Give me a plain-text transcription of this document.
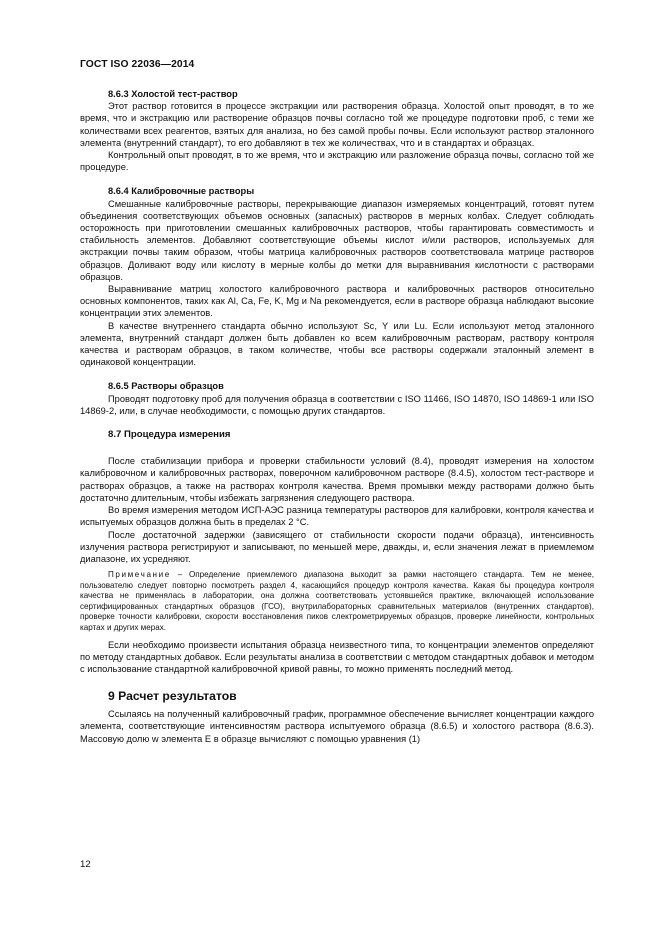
ГОСТ ISO 22036—2014
8.6.3 Холостой тест-раствор

Этот раствор готовится в процессе экстракции или растворения образца. Холостой опыт проводят, в то же время, что и экстракцию или растворение образцов почвы согласно той же процедуре подготовки проб, с теми же количествами всех реагентов, взятых для анализа, но без самой пробы почвы. Если используют раствор эталонного элемента (внутренний стандарт), то его добавляют в тех же количествах, что и в стандартах и образцах.

Контрольный опыт проводят, в то же время, что и экстракцию или разложение образца почвы, согласно той же процедуре.

8.6.4 Калибровочные растворы

Смешанные калибровочные растворы, перекрывающие диапазон измеряемых концентраций, готовят путем объединения соответствующих объемов основных (запасных) растворов в мерных колбах. Следует соблюдать осторожность при приготовлении смешанных калибровочных растворов, чтобы гарантировать совместимость и стабильность элементов. Добавляют соответствующие объемы кислот и/или растворов, используемых для экстракции почвы таким образом, чтобы матрица калибровочных растворов соответствовала матрице растворов образцов. Доливают воду или кислоту в мерные колбы до метки для выравнивания кислотности с растворами образцов.

Выравнивание матриц холостого калибровочного раствора и калибровочных растворов относительно основных компонентов, таких как Al, Ca, Fe, K, Mg и Na рекомендуется, если в растворе образца наблюдают высокие концентрации этих элементов.

В качестве внутреннего стандарта обычно используют Sc, Y или Lu. Если используют метод эталонного элемента, внутренний стандарт должен быть добавлен ко всем калибровочным растворам, раствору контроля качества и растворам образцов, в таком количестве, чтобы все растворы содержали эталонный элемент в одинаковой концентрации.

8.6.5 Растворы образцов

Проводят подготовку проб для получения образца в соответствии с ISO 11466, ISO 14870, ISO 14869-1 или ISO 14869-2, или, в случае необходимости, с помощью других стандартов.

8.7 Процедура измерения

После стабилизации прибора и проверки стабильности условий (8.4), проводят измерения на холостом калибровочном и калибровочных растворах, поверочном калибровочном растворе (8.4.5), холостом тест-растворе и растворах образцов, а также на растворах контроля качества. Время промывки между растворами должно быть достаточно длительным, чтобы избежать загрязнения следующего раствора.

Во время измерения методом ИСП-АЭС разница температуры растворов для калибровки, контроля качества и испытуемых образцов должна быть в пределах 2 °С.

После достаточной задержки (зависящего от стабильности скорости подачи образца), интенсивность излучения раствора регистрируют и записывают, по меньшей мере, дважды, и, если значения лежат в приемлемом диапазоне, их усредняют.

Примечание – Определение приемлемого диапазона выходит за рамки настоящего стандарта. Тем не менее, пользователю следует повторно посмотреть раздел 4, касающийся процедур контроля качества. Какая бы процедура контроля качества не применялась в лаборатории, она должна соответствовать устоявшейся практике, включающей использование сертифицированных стандартных образцов (ГСО), внутрилабораторных сравнительных материалов (внутренних стандартов), проверке точности калибровки, скорости восстановления пиков слектрометрируемых образцов, проверке линейности, контрольных картах и других мерах.

Если необходимо произвести испытания образца неизвестного типа, то концентрации элементов определяют по методу стандартных добавок. Если результаты анализа в соответствии с методом стандартных добавок и методом с использование стандартной калибровочной кривой равны, то можно применять последний метод.

9 Расчет результатов

Ссылаясь на полученный калибровочный график, программное обеспечение вычисляет концентрации каждого элемента, соответствующие интенсивностям раствора испытуемого образца (8.6.5) и холостого раствора (8.6.3). Массовую долю w элемента E в образце вычисляют с помощью уравнения (1)

12
